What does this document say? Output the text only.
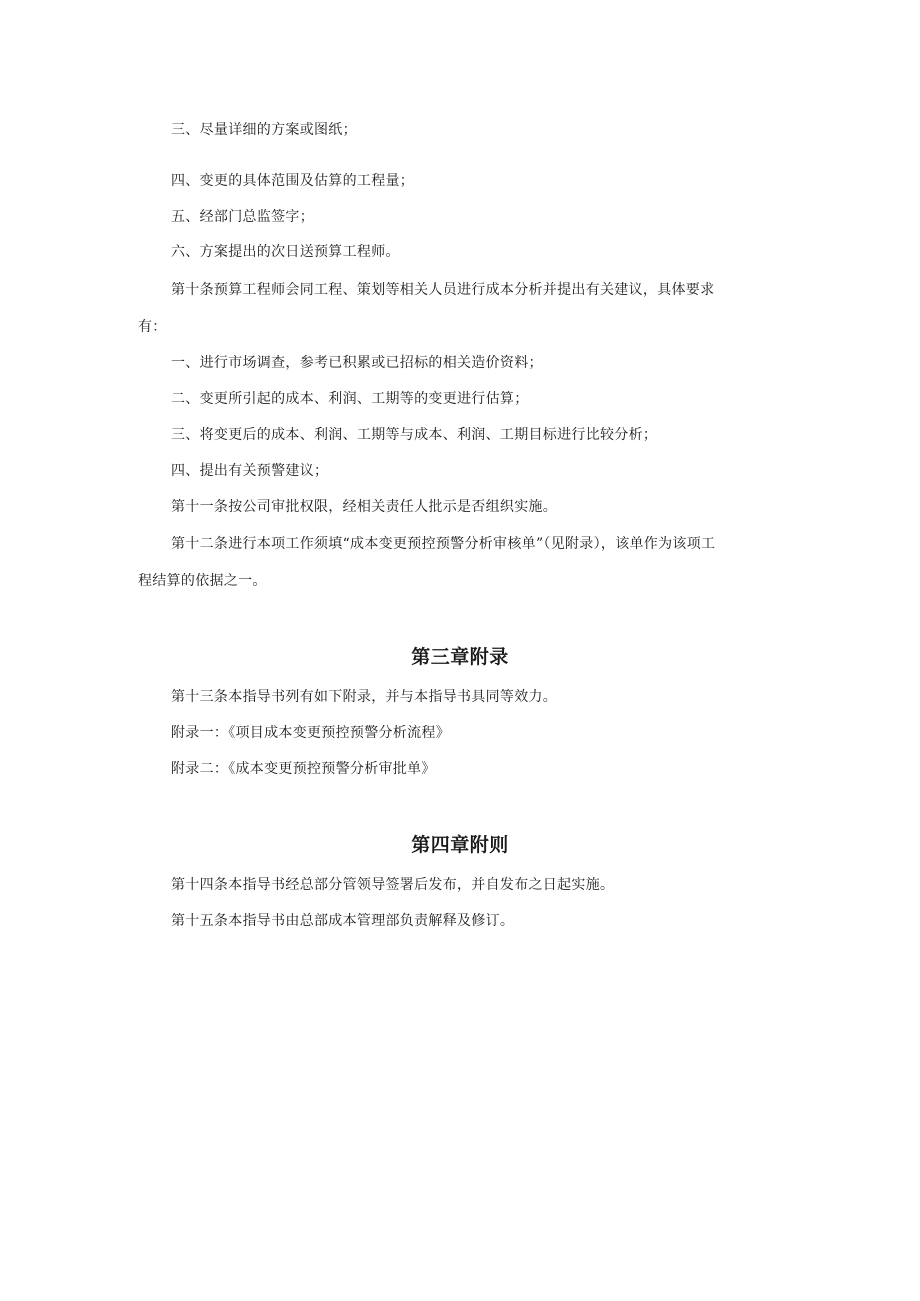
三、尽量详细的方案或图纸；
四、变更的具体范围及估算的工程量；
五、经部门总监签字；
六、方案提出的次日送预算工程师。
第十条预算工程师会同工程、策划等相关人员进行成本分析并提出有关建议，具体要求
有：
一、进行市场调查，参考已积累或已招标的相关造价资料；
二、变更所引起的成本、利润、工期等的变更进行估算；
三、将变更后的成本、利润、工期等与成本、利润、工期目标进行比较分析；
四、提出有关预警建议；
第十一条按公司审批权限，经相关责任人批示是否组织实施。
第十二条进行本项工作须填“成本变更预控预警分析审核单”（见附录），该单作为该项工
程结算的依据之一。
第三章附录
第十三条本指导书列有如下附录，并与本指导书具同等效力。
附录一：《项目成本变更预控预警分析流程》
附录二：《成本变更预控预警分析审批单》
第四章附则
第十四条本指导书经总部分管领导签署后发布，并自发布之日起实施。
第十五条本指导书由总部成本管理部负责解释及修订。
